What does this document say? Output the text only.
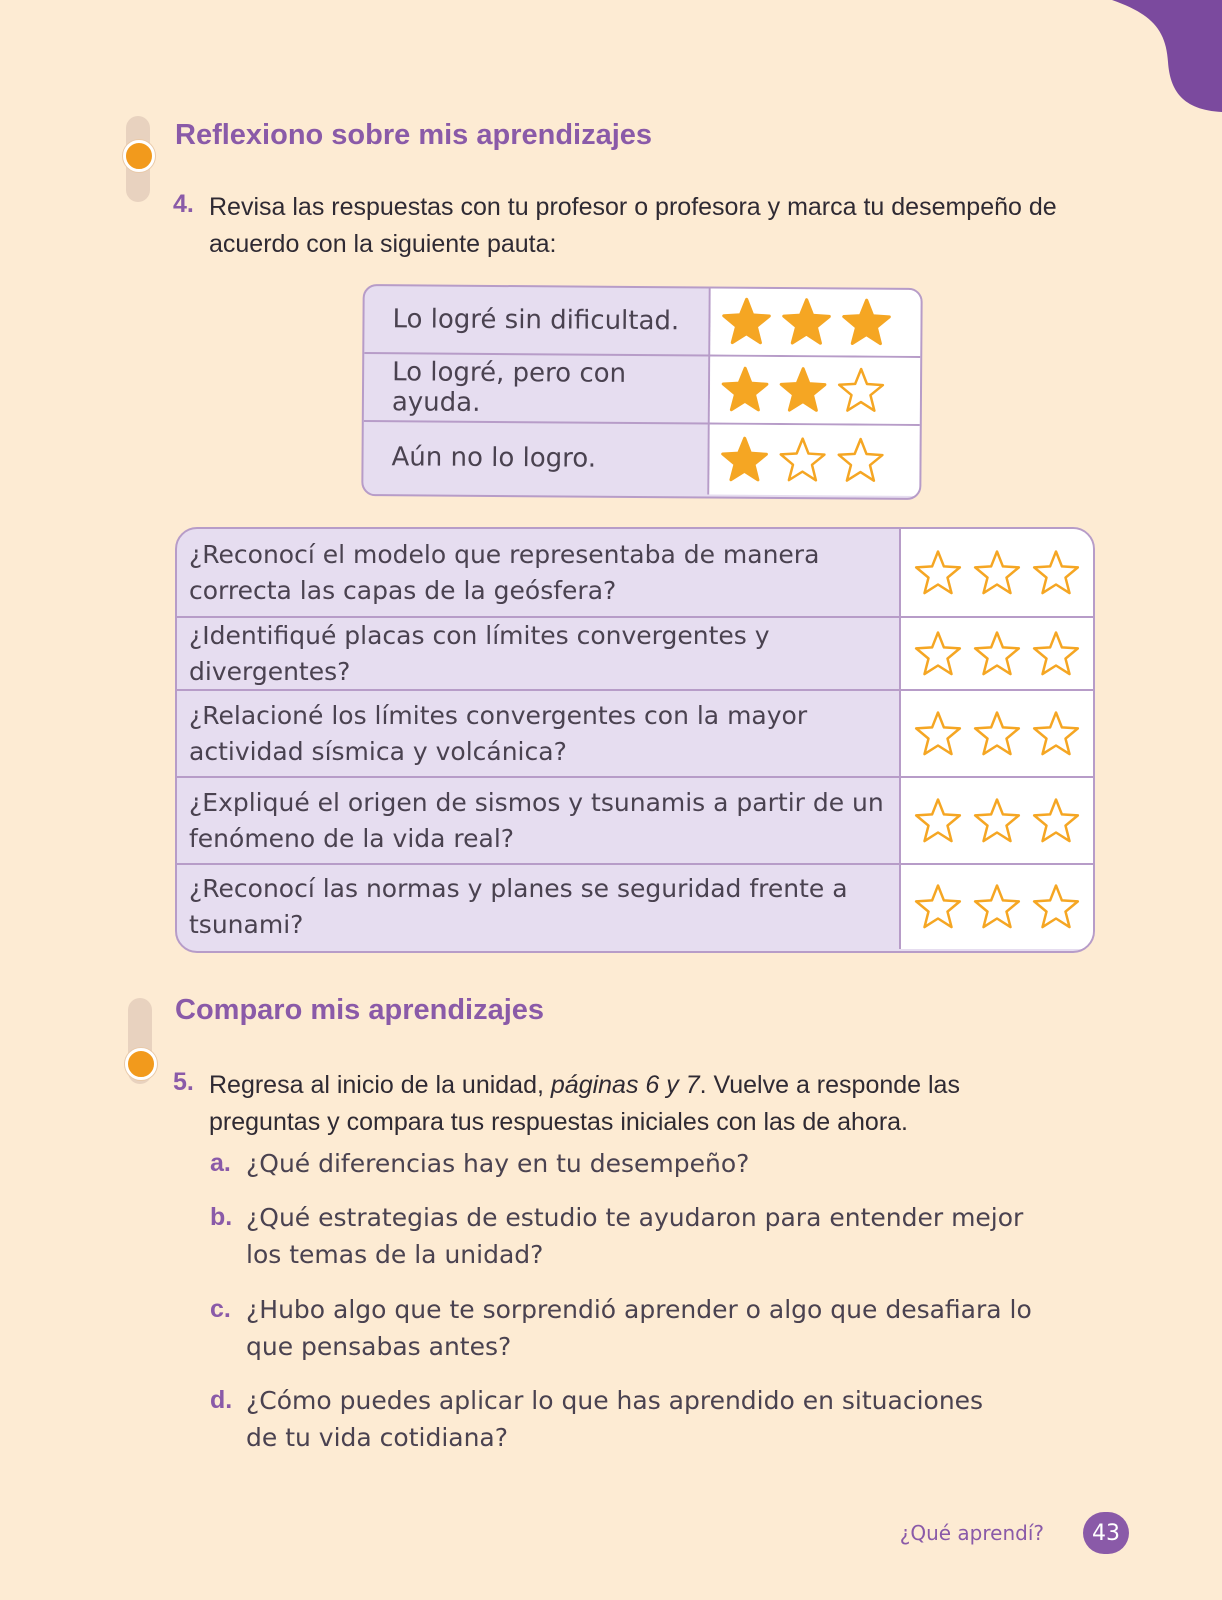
Reflexiono sobre mis aprendizajes
4. Revisa las respuestas con tu profesor o profesora y marca tu desempeño de acuerdo con la siguiente pauta:

Lo logré sin dificultad.
Lo logré, pero con ayuda.
Aún no lo logro.
¿Reconocí el modelo que representaba de manera correcta las capas de la geósfera?
¿Identifiqué placas con límites convergentes y divergentes?
¿Relacioné los límites convergentes con la mayor actividad sísmica y volcánica?
¿Expliqué el origen de sismos y tsunamis a partir de un fenómeno de la vida real?
¿Reconocí las normas y planes se seguridad frente a tsunami?
Comparo mis aprendizajes
5. Regresa al inicio de la unidad, páginas 6 y 7. Vuelve a responde las preguntas y compara tus respuestas iniciales con las de ahora.

a. ¿Qué diferencias hay en tu desempeño?
b. ¿Qué estrategias de estudio te ayudaron para entender mejor los temas de la unidad?
c. ¿Hubo algo que te sorprendió aprender o algo que desafiara lo que pensabas antes?
d. ¿Cómo puedes aplicar lo que has aprendido en situaciones de tu vida cotidiana?
¿Qué aprendí?	43
